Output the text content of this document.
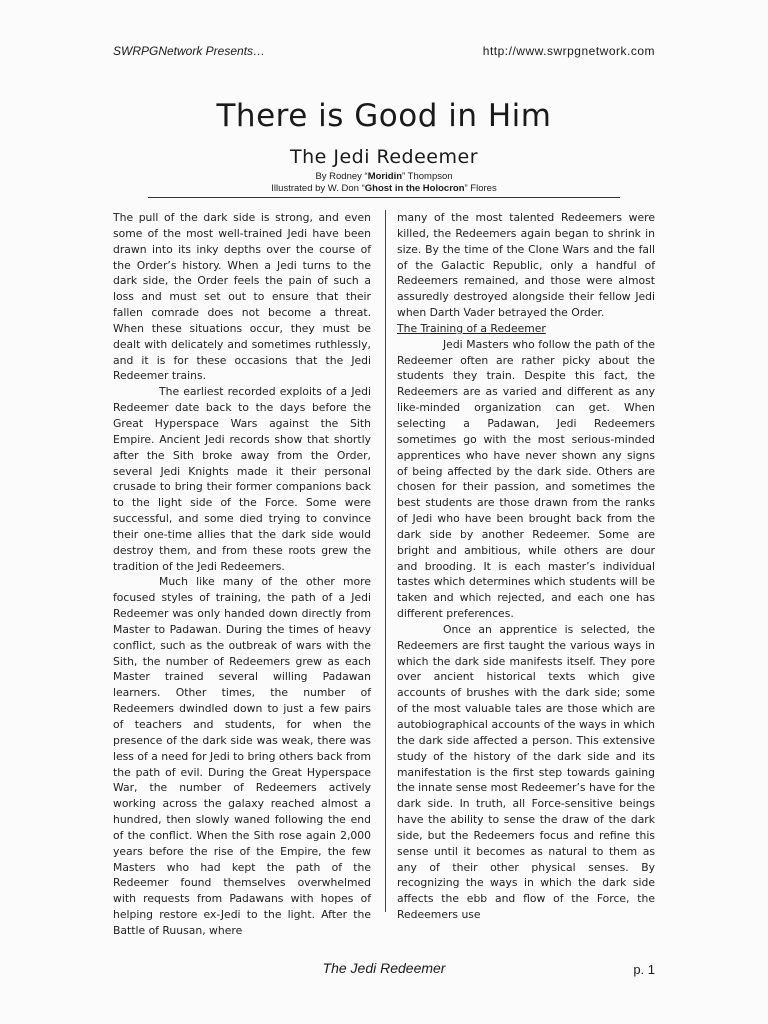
SWRPGNetwork Presents…	http://www.swrpgnetwork.com
There is Good in Him
The Jedi Redeemer
By Rodney “Moridin” Thompson
Illustrated by W. Don “Ghost in the Holocron” Flores

The pull of the dark side is strong, and even some of the most well-trained Jedi have been drawn into its inky depths over the course of the Order’s history. When a Jedi turns to the dark side, the Order feels the pain of such a loss and must set out to ensure that their fallen comrade does not become a threat. When these situations occur, they must be dealt with delicately and sometimes ruthlessly, and it is for these occasions that the Jedi Redeemer trains.

The earliest recorded exploits of a Jedi Redeemer date back to the days before the Great Hyperspace Wars against the Sith Empire. Ancient Jedi records show that shortly after the Sith broke away from the Order, several Jedi Knights made it their personal crusade to bring their former companions back to the light side of the Force. Some were successful, and some died trying to convince their one-time allies that the dark side would destroy them, and from these roots grew the tradition of the Jedi Redeemers.

Much like many of the other more focused styles of training, the path of a Jedi Redeemer was only handed down directly from Master to Padawan. During the times of heavy conflict, such as the outbreak of wars with the Sith, the number of Redeemers grew as each Master trained several willing Padawan learners. Other times, the number of Redeemers dwindled down to just a few pairs of teachers and students, for when the presence of the dark side was weak, there was less of a need for Jedi to bring others back from the path of evil. During the Great Hyperspace War, the number of Redeemers actively working across the galaxy reached almost a hundred, then slowly waned following the end of the conflict. When the Sith rose again 2,000 years before the rise of the Empire, the few Masters who had kept the path of the Redeemer found themselves overwhelmed with requests from Padawans with hopes of helping restore ex-Jedi to the light. After the Battle of Ruusan, where

many of the most talented Redeemers were killed, the Redeemers again began to shrink in size. By the time of the Clone Wars and the fall of the Galactic Republic, only a handful of Redeemers remained, and those were almost assuredly destroyed alongside their fellow Jedi when Darth Vader betrayed the Order.

The Training of a Redeemer

Jedi Masters who follow the path of the Redeemer often are rather picky about the students they train. Despite this fact, the Redeemers are as varied and different as any like-minded organization can get. When selecting a Padawan, Jedi Redeemers sometimes go with the most serious-minded apprentices who have never shown any signs of being affected by the dark side. Others are chosen for their passion, and sometimes the best students are those drawn from the ranks of Jedi who have been brought back from the dark side by another Redeemer. Some are bright and ambitious, while others are dour and brooding. It is each master’s individual tastes which determines which students will be taken and which rejected, and each one has different preferences.

Once an apprentice is selected, the Redeemers are first taught the various ways in which the dark side manifests itself. They pore over ancient historical texts which give accounts of brushes with the dark side; some of the most valuable tales are those which are autobiographical accounts of the ways in which the dark side affected a person. This extensive study of the history of the dark side and its manifestation is the first step towards gaining the innate sense most Redeemer’s have for the dark side. In truth, all Force-sensitive beings have the ability to sense the draw of the dark side, but the Redeemers focus and refine this sense until it becomes as natural to them as any of their other physical senses. By recognizing the ways in which the dark side affects the ebb and flow of the Force, the Redeemers use

The Jedi Redeemer	p. 1
